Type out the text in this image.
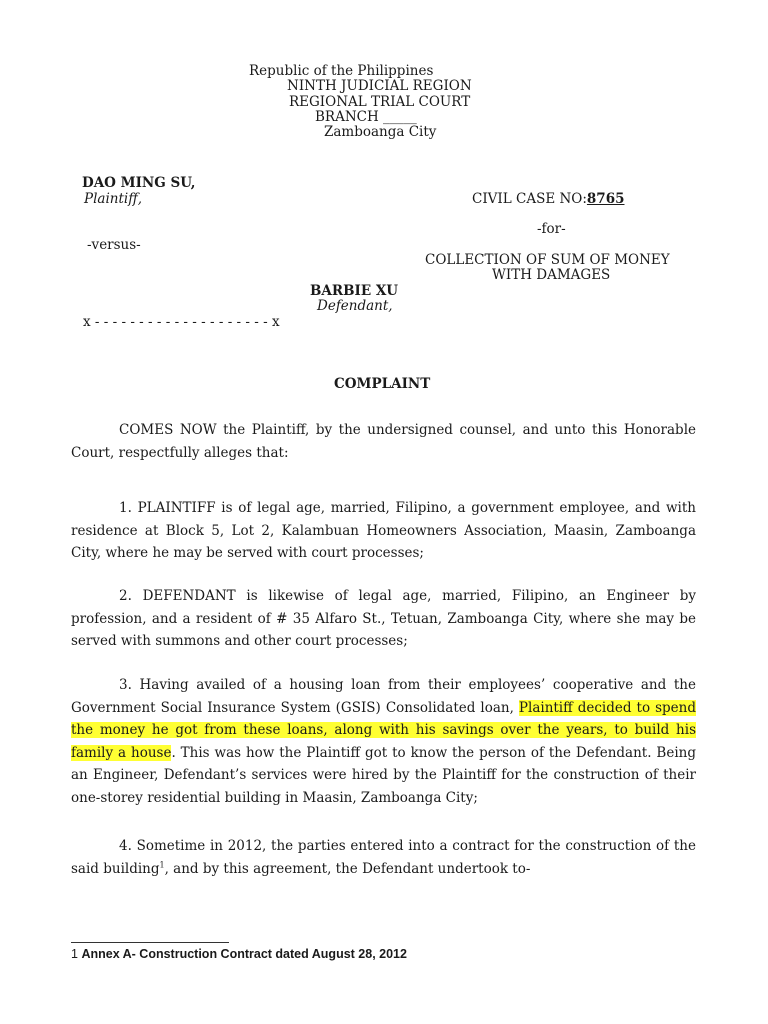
Republic of the Philippines
NINTH JUDICIAL REGION
REGIONAL TRIAL COURT
BRANCH _____
Zamboanga City
DAO MING SU,
Plaintiff,	CIVIL CASE NO:8765
-for-
-versus-
COLLECTION OF SUM OF MONEY
WITH DAMAGES
BARBIE XU
Defendant,
x - - - - - - - - - - - - - - - - - - - - x
COMPLAINT
COMES NOW the Plaintiff, by the undersigned counsel, and unto this Honorable Court, respectfully alleges that:
1. PLAINTIFF is of legal age, married, Filipino, a government employee, and with residence at Block 5, Lot 2, Kalambuan Homeowners Association, Maasin, Zamboanga City, where he may be served with court processes;
2. DEFENDANT is likewise of legal age, married, Filipino, an Engineer by profession, and a resident of # 35 Alfaro St., Tetuan, Zamboanga City, where she may be served with summons and other court processes;
3. Having availed of a housing loan from their employees’ cooperative and the Government Social Insurance System (GSIS) Consolidated loan, Plaintiff decided to spend the money he got from these loans, along with his savings over the years, to build his family a house. This was how the Plaintiff got to know the person of the Defendant. Being an Engineer, Defendant’s services were hired by the Plaintiff for the construction of their one-storey residential building in Maasin, Zamboanga City;
4. Sometime in 2012, the parties entered into a contract for the construction of the said building$^1$, and by this agreement, the Defendant undertook to-
1 Annex A- Construction Contract dated August 28, 2012
